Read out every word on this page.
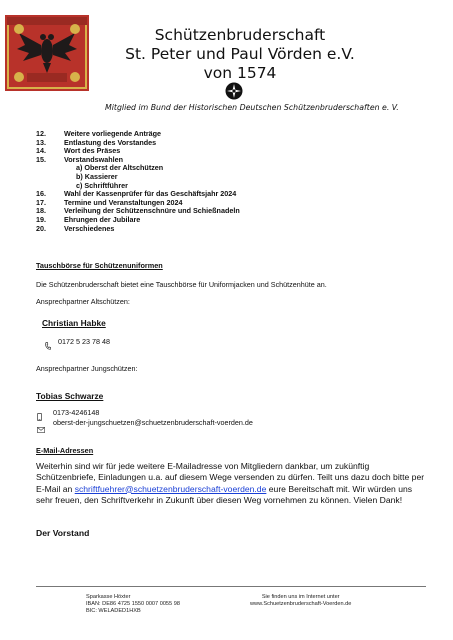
Schützenbruderschaft
St. Peter und Paul Vörden e.V.
von 1574
Mitglied im Bund der Historischen Deutschen Schützenbruderschaften e. V.
12.	Weitere vorliegende Anträge
13.	Entlastung des Vorstandes
14.	Wort des Präses
15.	Vorstandswahlen
a) Oberst der Altschützen
b) Kassierer
c) Schriftführer
16.	Wahl der Kassenprüfer für das Geschäftsjahr 2024
17.	Termine und Veranstaltungen 2024
18.	Verleihung der Schützenschnüre und Schießnadeln
19.	Ehrungen der Jubilare
20.	Verschiedenes
Tauschbörse für Schützenuniformen
Die Schützenbruderschaft bietet eine Tauschbörse für Uniformjacken und Schützenhüte an.
Ansprechpartner Altschützen:
Christian Habke
0172 5 23 78 48
Ansprechpartner Jungschützen:
Tobias Schwarze
0173-4246148
oberst-der-jungschuetzen@schuetzenbruderschaft-voerden.de
E-Mail-Adressen
Weiterhin sind wir für jede weitere E-Mailadresse von Mitgliedern dankbar, um zukünftig Schützenbriefe, Einladungen u.a. auf diesem Wege versenden zu dürfen. Teilt uns dazu doch bitte per E-Mail an schriftfuehrer@schuetzenbruderschaft-voerden.de eure Bereitschaft mit. Wir würden uns sehr freuen, den Schriftverkehr in Zukunft über diesen Weg vornehmen zu können. Vielen Dank!
Der Vorstand
Sparkasse Höxter
IBAN: DE86 4725 1550 0007 0055 98
BIC: WELADED1HXB
Sie finden uns im Internet unter
www.Schuetzenbruderschaft-Voerden.de
